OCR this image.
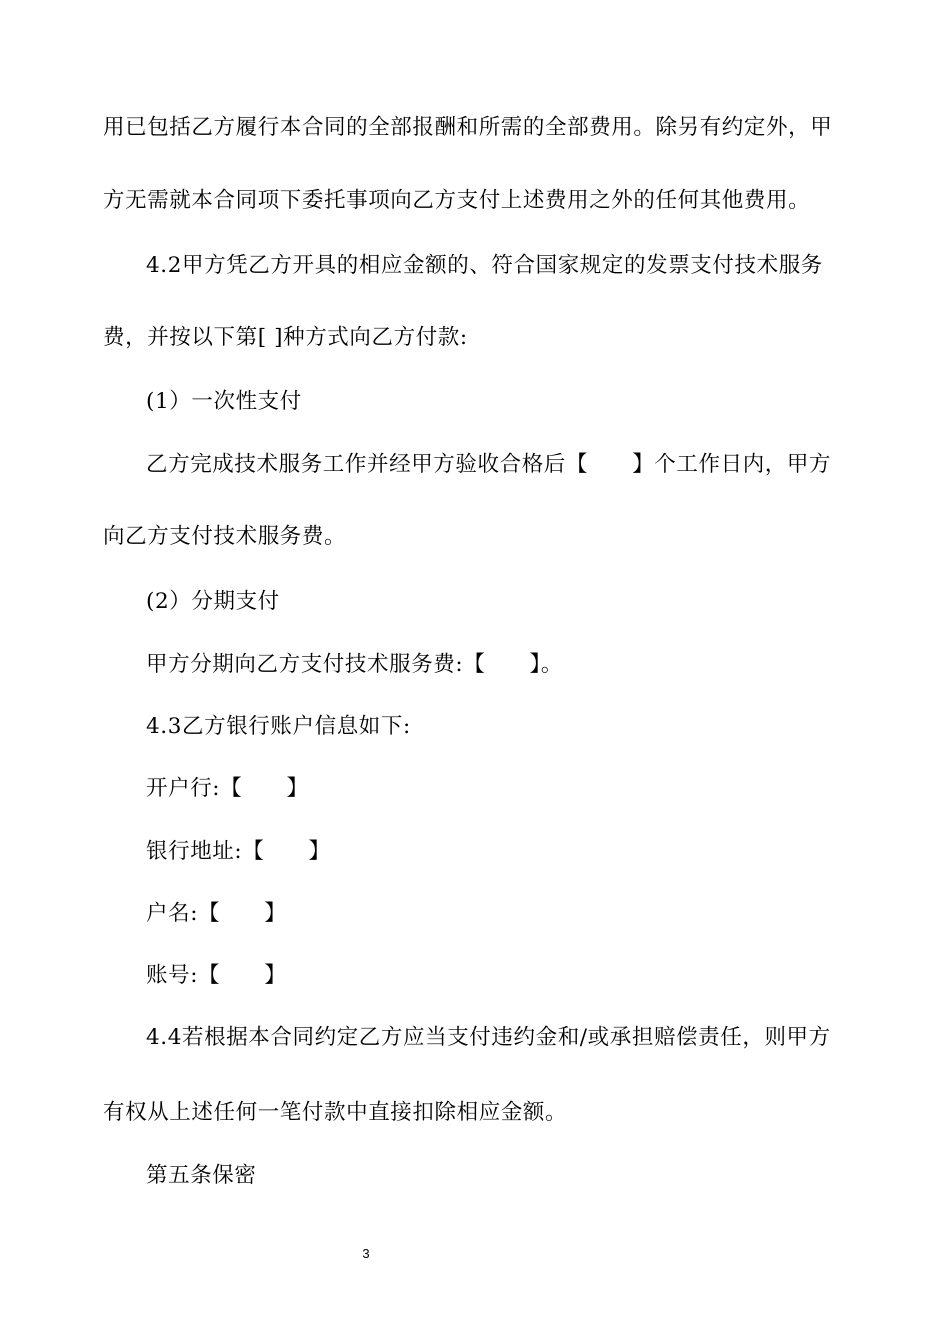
用已包括乙方履行本合同的全部报酬和所需的全部费用。除另有约定外，甲
方无需就本合同项下委托事项向乙方支付上述费用之外的任何其他费用。
4.2甲方凭乙方开具的相应金额的、符合国家规定的发票支付技术服务
费，并按以下第[ ]种方式向乙方付款:
(1）一次性支付
乙方完成技术服务工作并经甲方验收合格后【　　】个工作日内，甲方
向乙方支付技术服务费。
(2）分期支付
甲方分期向乙方支付技术服务费:【　　】。
4.3乙方银行账户信息如下:
开户行:【　　】
银行地址:【　　】
户名:【　　】
账号:【　　】
4.4若根据本合同约定乙方应当支付违约金和/或承担赔偿责任，则甲方
有权从上述任何一笔付款中直接扣除相应金额。
第五条保密
3
